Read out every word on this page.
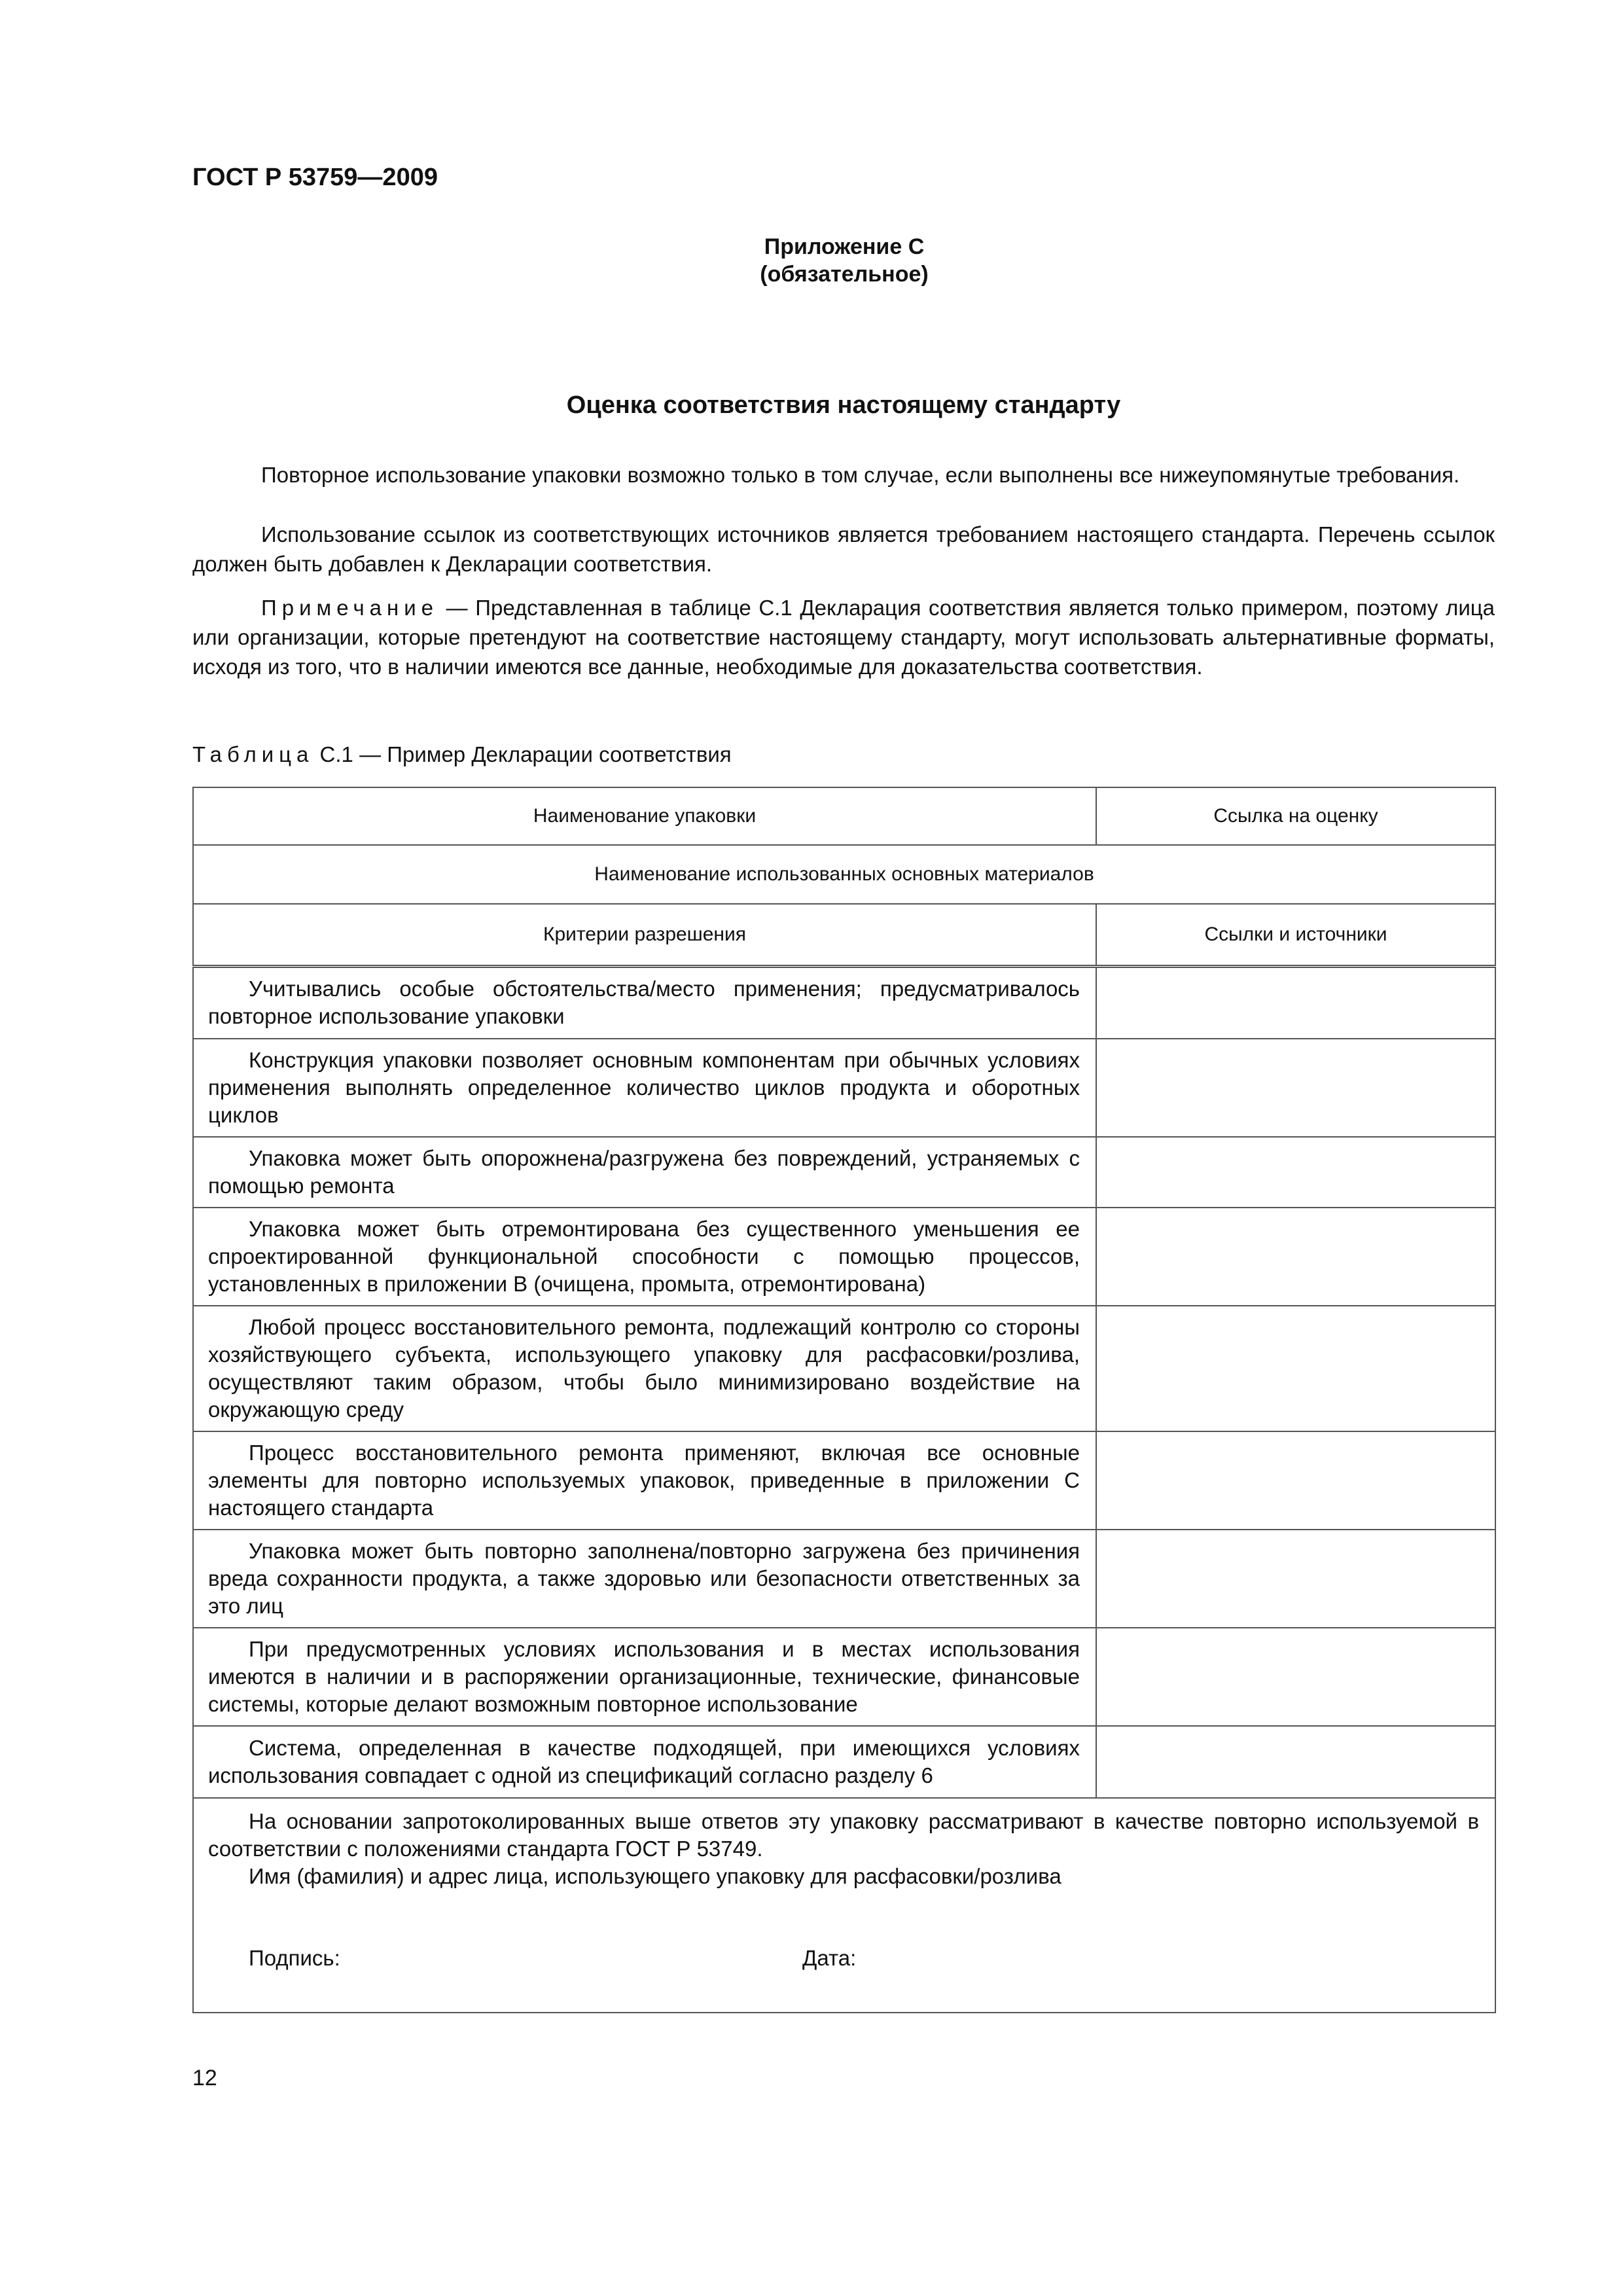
ГОСТ Р 53759—2009
Приложение С
(обязательное)
Оценка соответствия настоящему стандарту
Повторное использование упаковки возможно только в том случае, если выполнены все нижеупомянутые требования.
Использование ссылок из соответствующих источников является требованием настоящего стандарта. Перечень ссылок должен быть добавлен к Декларации соответствия.
Примечание — Представленная в таблице С.1 Декларация соответствия является только примером, поэтому лица или организации, которые претендуют на соответствие настоящему стандарту, могут использовать альтернативные форматы, исходя из того, что в наличии имеются все данные, необходимые для доказательства соответствия.
Таблица С.1 — Пример Декларации соответствия
Наименование упаковки	Ссылка на оценку
Наименование использованных основных материалов	
Критерии разрешения	Ссылки и источники
Учитывались особые обстоятельства/место применения; предусматривалось повторное использование упаковки	
Конструкция упаковки позволяет основным компонентам при обычных условиях применения выполнять определенное количество циклов продукта и оборотных циклов	
Упаковка может быть опорожнена/разгружена без повреждений, устраняемых с помощью ремонта	
Упаковка может быть отремонтирована без существенного уменьшения ее спроектированной функциональной способности с помощью процессов, установленных в приложении В (очищена, промыта, отремонтирована)	
Любой процесс восстановительного ремонта, подлежащий контролю со стороны хозяйствующего субъекта, использующего упаковку для расфасовки/розлива, осуществляют таким образом, чтобы было минимизировано воздействие на окружающую среду	
Процесс восстановительного ремонта применяют, включая все основные элементы для повторно используемых упаковок, приведенные в приложении С настоящего стандарта	
Упаковка может быть повторно заполнена/повторно загружена без причинения вреда сохранности продукта, а также здоровью или безопасности ответственных за это лиц	
При предусмотренных условиях использования и в местах использования имеются в наличии и в распоряжении организационные, технические, финансовые системы, которые делают возможным повторное использование	
Система, определенная в качестве подходящей, при имеющихся условиях использования совпадает с одной из спецификаций согласно разделу 6	

На основании запротоколированных выше ответов эту упаковку рассматривают в качестве повторно используемой в соответствии с положениями стандарта ГОСТ Р 53749.

Имя (фамилия) и адрес лица, использующего упаковку для расфасовки/розлива

Подпись: Дата:	
12
